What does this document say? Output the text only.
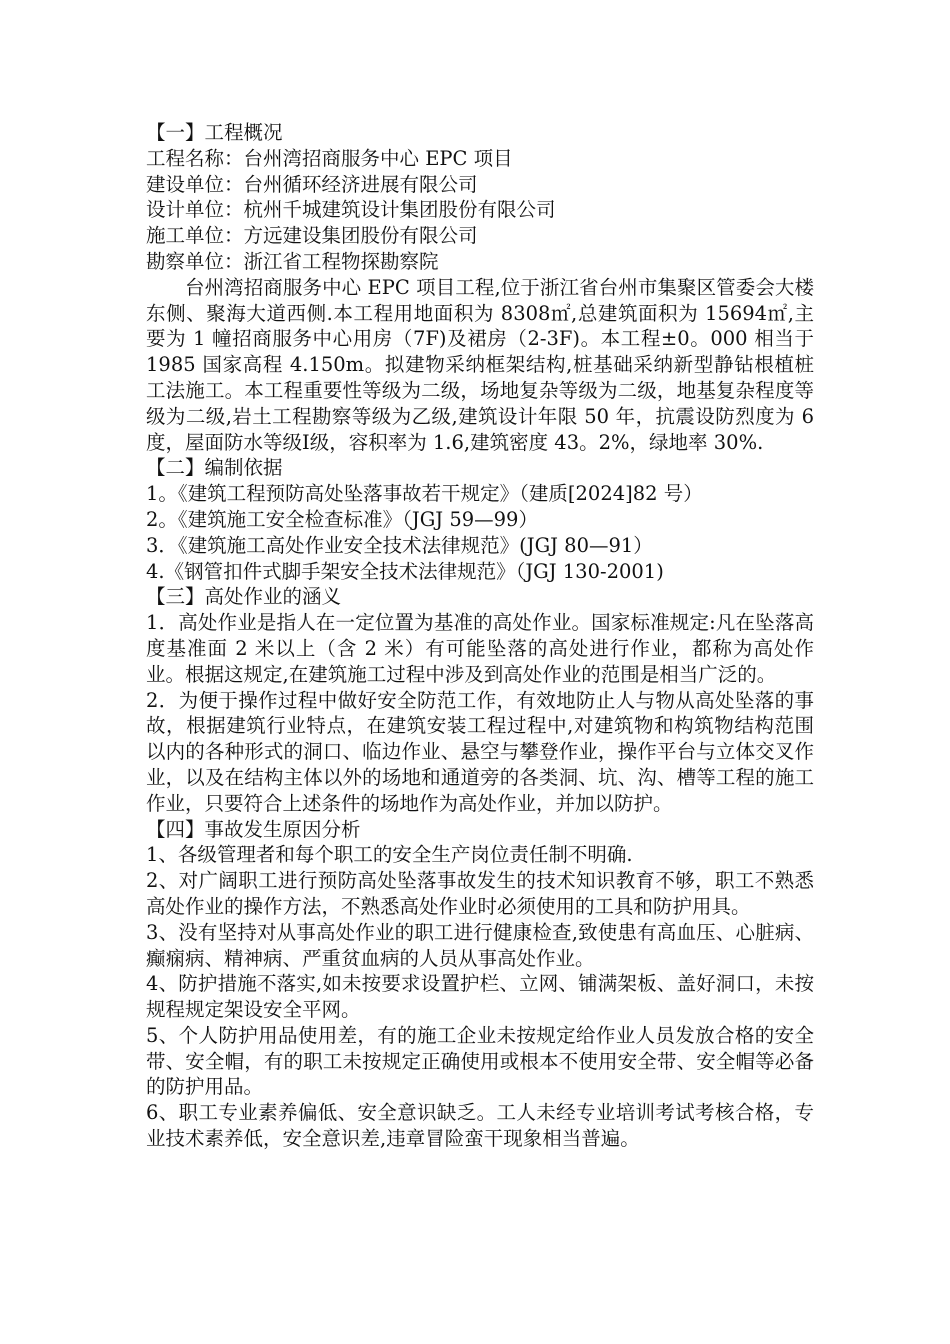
【一】工程概况
工程名称：台州湾招商服务中心 EPC 项目
建设单位：台州循环经济进展有限公司
设计单位：杭州千城建筑设计集团股份有限公司
施工单位：方远建设集团股份有限公司
勘察单位：浙江省工程物探勘察院
台州湾招商服务中心 EPC 项目工程,位于浙江省台州市集聚区管委会大楼东侧、聚海大道西侧.本工程用地面积为 8308㎡,总建筑面积为 15694㎡,主要为 1 幢招商服务中心用房（7F)及裙房（2-3F)。本工程±0。000 相当于 1985 国家高程 4.150m。拟建物采纳框架结构,桩基础采纳新型静钻根植桩工法施工。本工程重要性等级为二级，场地复杂等级为二级，地基复杂程度等级为二级,岩土工程勘察等级为乙级,建筑设计年限 50 年，抗震设防烈度为 6 度，屋面防水等级Ⅰ级，容积率为 1.6,建筑密度 43。2%，绿地率 30%.
【二】编制依据
1。《建筑工程预防高处坠落事故若干规定》（建质[2024]82 号）
2。《建筑施工安全检查标准》（JGJ 59—99）
3．《建筑施工高处作业安全技术法律规范》(JGJ 80—91）
4.《钢管扣件式脚手架安全技术法律规范》（JGJ 130-2001)
【三】高处作业的涵义
1．高处作业是指人在一定位置为基准的高处作业。国家标准规定:凡在坠落高度基准面 2 米以上（含 2 米）有可能坠落的高处进行作业，都称为高处作业。根据这规定,在建筑施工过程中涉及到高处作业的范围是相当广泛的。
2．为便于操作过程中做好安全防范工作，有效地防止人与物从高处坠落的事故，根据建筑行业特点，在建筑安装工程过程中,对建筑物和构筑物结构范围以内的各种形式的洞口、临边作业、悬空与攀登作业，操作平台与立体交叉作业，以及在结构主体以外的场地和通道旁的各类洞、坑、沟、槽等工程的施工作业，只要符合上述条件的场地作为高处作业，并加以防护。
【四】事故发生原因分析
1、各级管理者和每个职工的安全生产岗位责任制不明确.
2、对广阔职工进行预防高处坠落事故发生的技术知识教育不够，职工不熟悉高处作业的操作方法，不熟悉高处作业时必须使用的工具和防护用具。
3、没有坚持对从事高处作业的职工进行健康检查,致使患有高血压、心脏病、癫痫病、精神病、严重贫血病的人员从事高处作业。
4、防护措施不落实,如未按要求设置护栏、立网、铺满架板、盖好洞口，未按规程规定架设安全平网。
5、个人防护用品使用差，有的施工企业未按规定给作业人员发放合格的安全带、安全帽，有的职工未按规定正确使用或根本不使用安全带、安全帽等必备的防护用品。
6、职工专业素养偏低、安全意识缺乏。工人未经专业培训考试考核合格，专业技术素养低，安全意识差,违章冒险蛮干现象相当普遍。
